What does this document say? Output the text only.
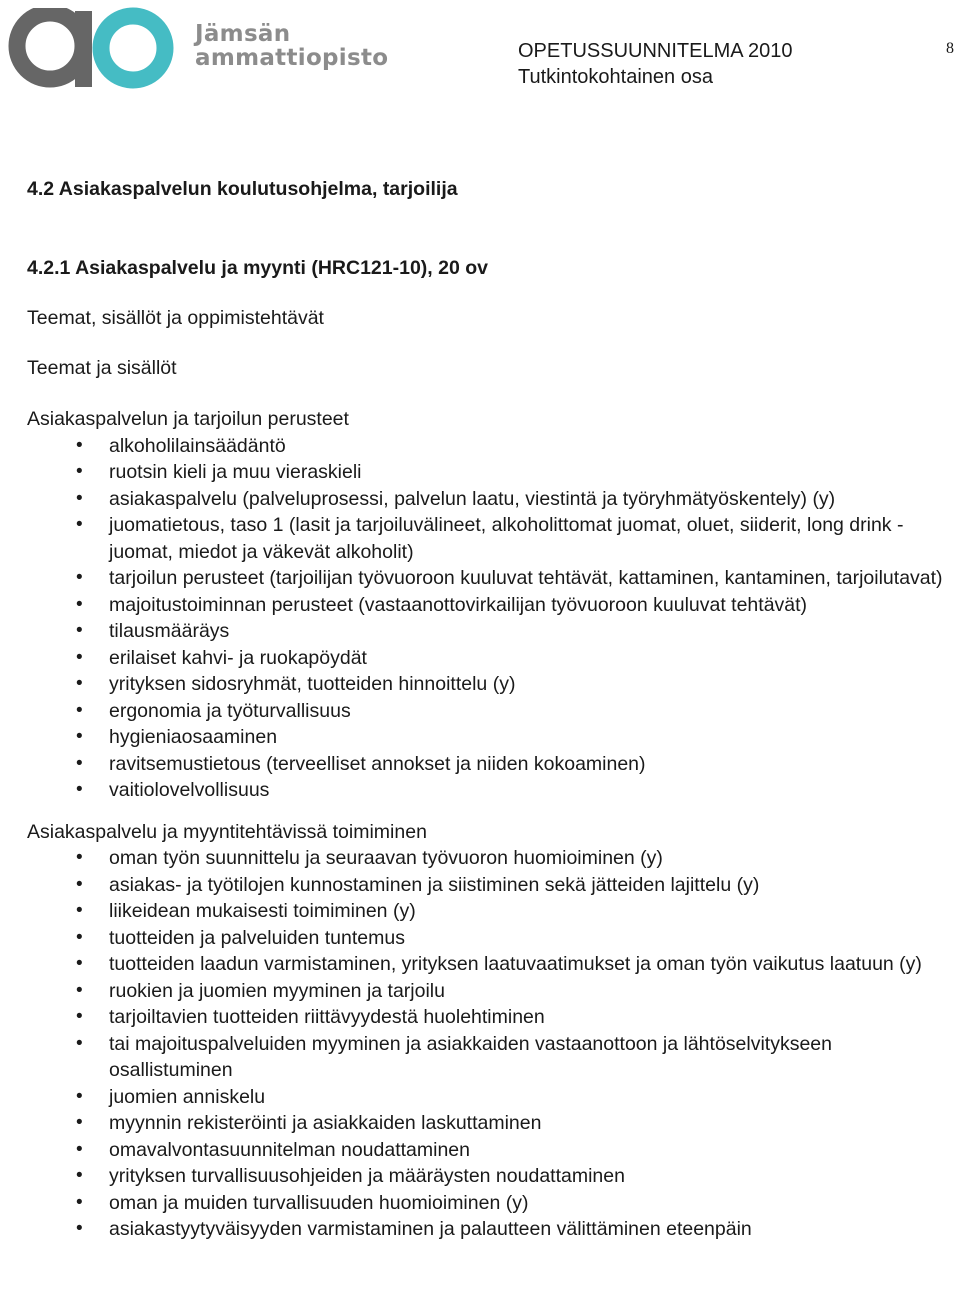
Jämsän
ammattiopisto	OPETUSSUUNNITELMA 2010
Tutkintokohtainen osa
8
4.2 Asiakaspalvelun koulutusohjelma, tarjoilija
4.2.1 Asiakaspalvelu ja myynti (HRC121-10), 20 ov
Teemat, sisällöt ja oppimistehtävät
Teemat ja sisällöt
Asiakaspalvelun ja tarjoilun perusteet
• alkoholilainsäädäntö
• ruotsin kieli ja muu vieraskieli
• asiakaspalvelu (palveluprosessi, palvelun laatu, viestintä ja työryhmätyöskentely) (y)
• juomatietous, taso 1 (lasit ja tarjoiluvälineet, alkoholittomat juomat, oluet, siiderit, long drink -juomat, miedot ja väkevät alkoholit)
• tarjoilun perusteet (tarjoilijan työvuoroon kuuluvat tehtävät, kattaminen, kantaminen, tarjoilutavat)
• majoitustoiminnan perusteet (vastaanottovirkailijan työvuoroon kuuluvat tehtävät)
• tilausmääräys
• erilaiset kahvi- ja ruokapöydät
• yrityksen sidosryhmät, tuotteiden hinnoittelu (y)
• ergonomia ja työturvallisuus
• hygieniaosaaminen
• ravitsemustietous (terveelliset annokset ja niiden kokoaminen)
• vaitiolovelvollisuus
Asiakaspalvelu ja myyntitehtävissä toimiminen
• oman työn suunnittelu ja seuraavan työvuoron huomioiminen (y)
• asiakas- ja työtilojen kunnostaminen ja siistiminen sekä jätteiden lajittelu (y)
• liikeidean mukaisesti toimiminen (y)
• tuotteiden ja palveluiden tuntemus
• tuotteiden laadun varmistaminen, yrityksen laatuvaatimukset ja oman työn vaikutus laatuun (y)
• ruokien ja juomien myyminen ja tarjoilu
• tarjoiltavien tuotteiden riittävyydestä huolehtiminen
• tai majoituspalveluiden myyminen ja asiakkaiden vastaanottoon ja lähtöselvitykseen osallistuminen
• juomien anniskelu
• myynnin rekisteröinti ja asiakkaiden laskuttaminen
• omavalvontasuunnitelman noudattaminen
• yrityksen turvallisuusohjeiden ja määräysten noudattaminen
• oman ja muiden turvallisuuden huomioiminen (y)
• asiakastyytyväisyyden varmistaminen ja palautteen välittäminen eteenpäin
